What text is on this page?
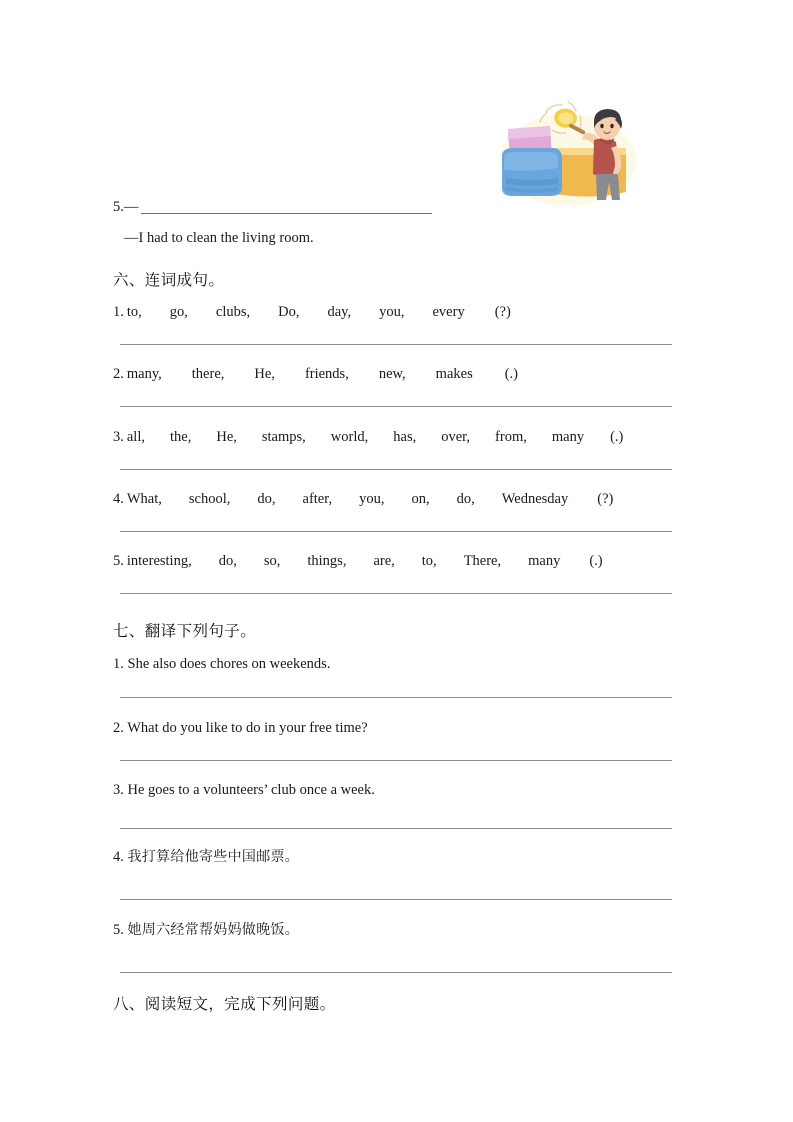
5.—
—I had to clean the living room.
六、连词成句。
1. to, go, clubs, Do, day, you, every (?)
2. many, there, He, friends, new, makes (.)
3. all, the, He, stamps, world, has, over, from, many (.)
4. What, school, do, after, you, on, do, Wednesday (?)
5. interesting, do, so, things, are, to, There, many (.)
七、翻译下列句子。
1. She also does chores on weekends.
2. What do you like to do in your free time?
3. He goes to a volunteers’ club once a week.
4. 我打算给他寄些中国邮票。
5. 她周六经常帮妈妈做晚饭。
八、阅读短文，完成下列问题。
